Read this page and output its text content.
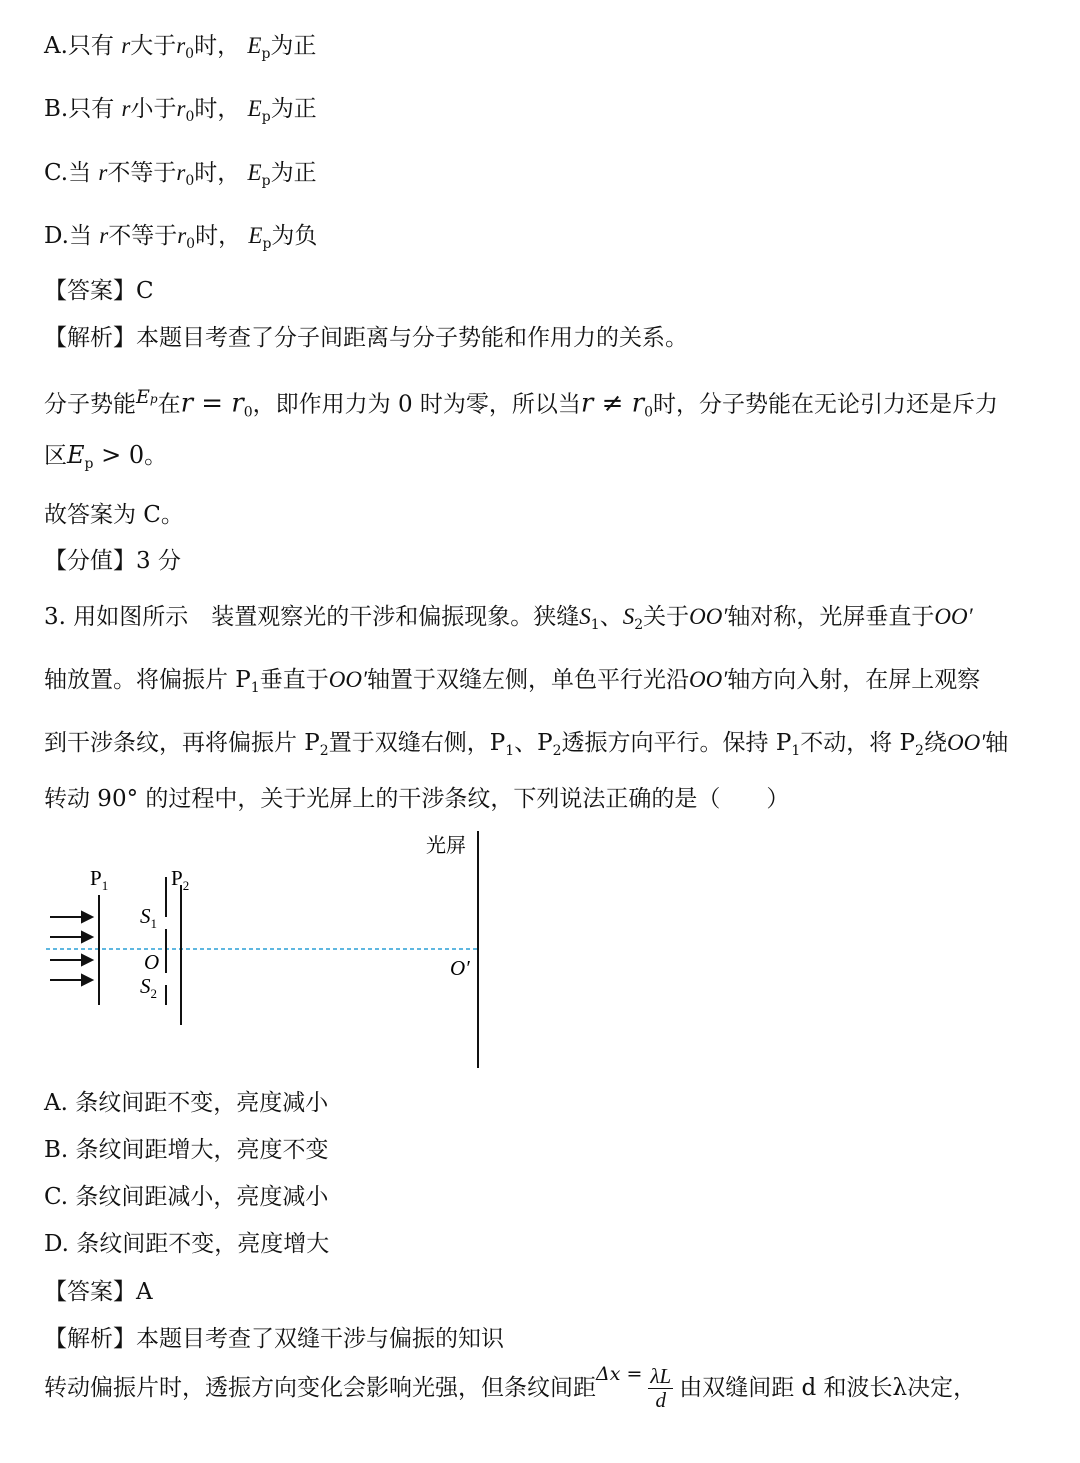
A.只有 r大于$r_0$时， $E_p$为正
B.只有 r小于$r_0$时， $E_p$为正
C.当 r不等于$r_0$时， $E_p$为正
D.当 r不等于$r_0$时， $E_p$为负
【答案】C
【解析】本题目考查了分子间距离与分子势能和作用力的关系。
分子势能$^{Ep}$在$r = r_0$，即作用力为 0 时为零，所以当$r \ne r_0$时，分子势能在无论引力还是斥力
区$E_p > 0$。
故答案为 C。
【分值】3 分
3. 用如图所示　装置观察光的干涉和偏振现象。狭缝$S_1$、$S_2$关于OO′轴对称，光屏垂直于OO′
轴放置。将偏振片 $P_1$垂直于OO′轴置于双缝左侧，单色平行光沿OO′轴方向入射，在屏上观察
到干涉条纹，再将偏振片 $P_2$置于双缝右侧，$P_1$、$P_2$透振方向平行。保持 $P_1$不动，将 $P_2$绕OO′轴
转动 90° 的过程中，关于光屏上的干涉条纹，下列说法正确的是（　　）
光屏
$P_1$	$P_2$
$S_1$
O
$S_2$
O′
A. 条纹间距不变，亮度减小
B. 条纹间距增大，亮度不变
C. 条纹间距减小，亮度减小
D. 条纹间距不变，亮度增大
【答案】A
【解析】本题目考查了双缝干涉与偏振的知识
转动偏振片时，透振方向变化会影响光强，但条纹间距$^{\Delta x =} \frac{\lambda L}{d}$ 由双缝间距 d 和波长λ决定，
